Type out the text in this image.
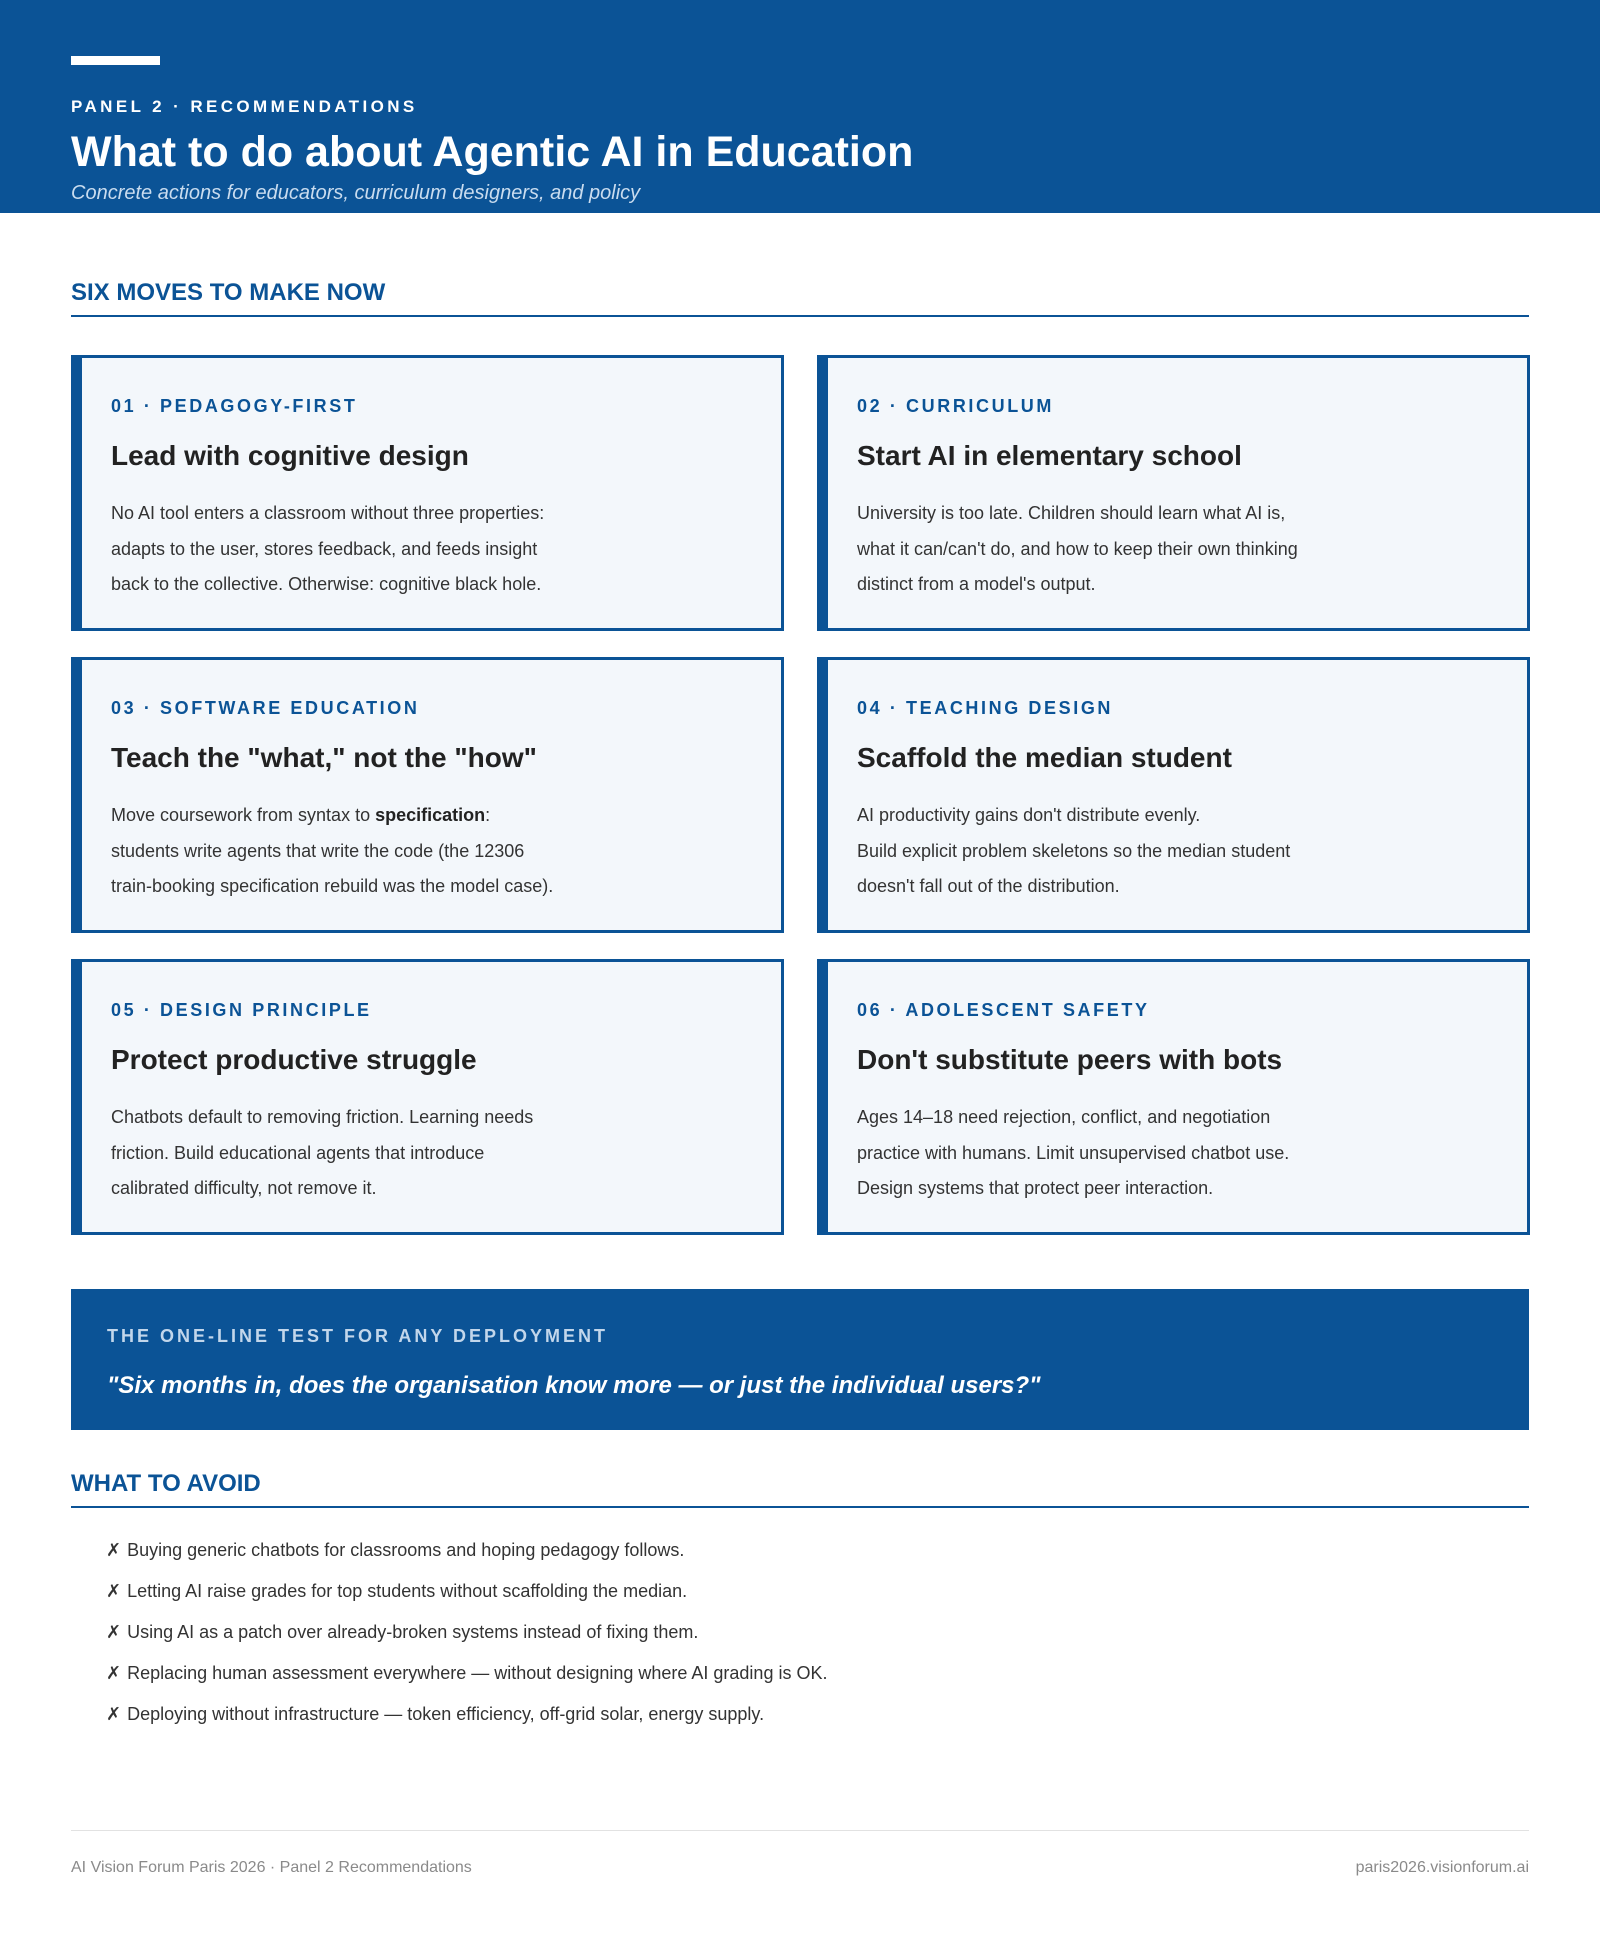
PANEL 2 · RECOMMENDATIONS
What to do about Agentic AI in Education
Concrete actions for educators, curriculum designers, and policy
SIX MOVES TO MAKE NOW
01 · PEDAGOGY-FIRST
Lead with cognitive design
No AI tool enters a classroom without three properties:
adapts to the user, stores feedback, and feeds insight
back to the collective. Otherwise: cognitive black hole.
02 · CURRICULUM
Start AI in elementary school
University is too late. Children should learn what AI is,
what it can/can't do, and how to keep their own thinking
distinct from a model's output.
03 · SOFTWARE EDUCATION
Teach the "what," not the "how"
Move coursework from syntax to specification:
students write agents that write the code (the 12306
train-booking specification rebuild was the model case).
04 · TEACHING DESIGN
Scaffold the median student
AI productivity gains don't distribute evenly.
Build explicit problem skeletons so the median student
doesn't fall out of the distribution.
05 · DESIGN PRINCIPLE
Protect productive struggle
Chatbots default to removing friction. Learning needs
friction. Build educational agents that introduce
calibrated difficulty, not remove it.
06 · ADOLESCENT SAFETY
Don't substitute peers with bots
Ages 14–18 need rejection, conflict, and negotiation
practice with humans. Limit unsupervised chatbot use.
Design systems that protect peer interaction.
THE ONE-LINE TEST FOR ANY DEPLOYMENT
"Six months in, does the organisation know more — or just the individual users?"
WHAT TO AVOID
✗ Buying generic chatbots for classrooms and hoping pedagogy follows.
✗ Letting AI raise grades for top students without scaffolding the median.
✗ Using AI as a patch over already-broken systems instead of fixing them.
✗ Replacing human assessment everywhere — without designing where AI grading is OK.
✗ Deploying without infrastructure — token efficiency, off-grid solar, energy supply.
AI Vision Forum Paris 2026 · Panel 2 Recommendations	paris2026.visionforum.ai
